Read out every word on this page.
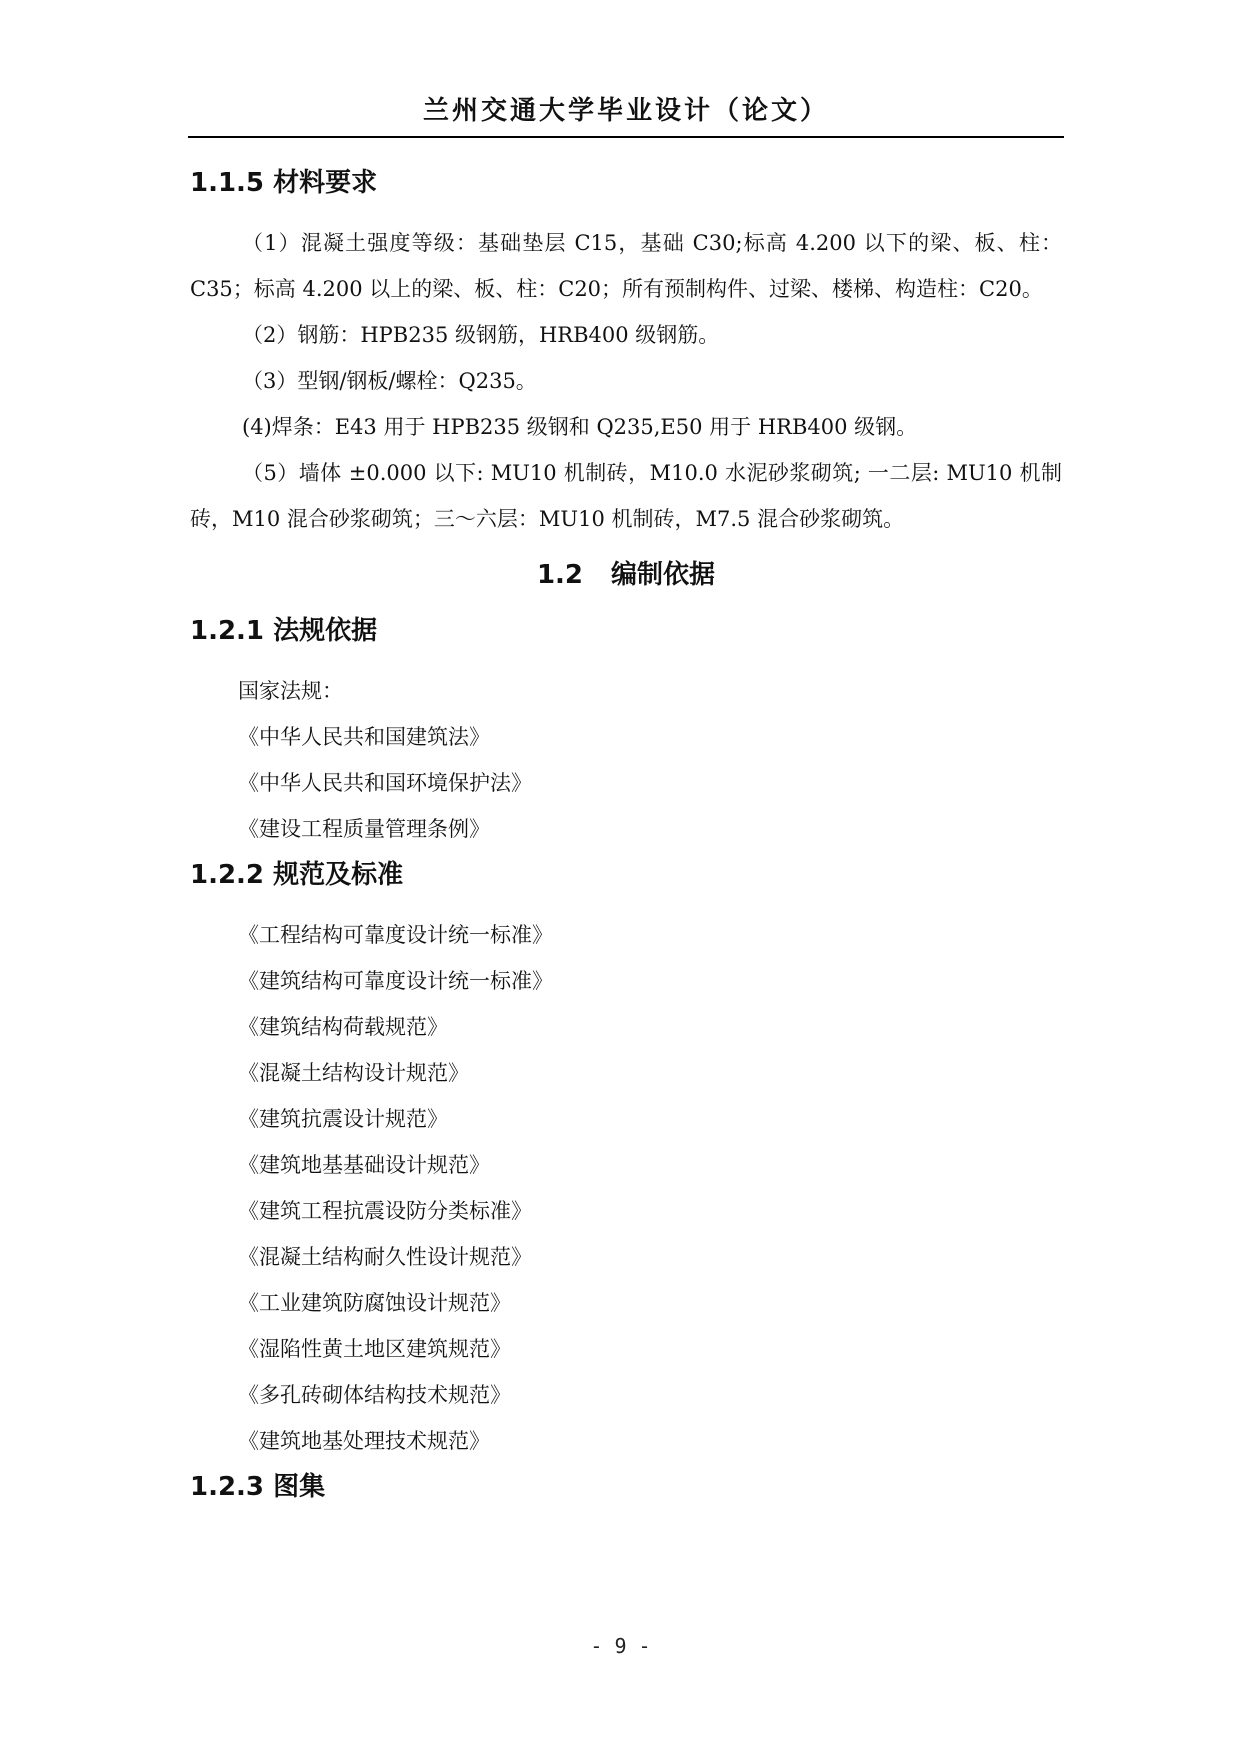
兰州交通大学毕业设计（论文）
1.1.5 材料要求

（1）混凝土强度等级：基础垫层 C15，基础 C30;标高 4.200 以下的梁、板、柱：C35；标高 4.200 以上的梁、板、柱：C20；所有预制构件、过梁、楼梯、构造柱：C20。

（2）钢筋：HPB235 级钢筋，HRB400 级钢筋。

（3）型钢/钢板/螺栓：Q235。

(4)焊条：E43 用于 HPB235 级钢和 Q235,E50 用于 HRB400 级钢。

（5）墙体 ±0.000 以下: MU10 机制砖，M10.0 水泥砂浆砌筑; 一二层: MU10 机制砖，M10 混合砂浆砌筑；三～六层：MU10 机制砖，M7.5 混合砂浆砌筑。

1.2 编制依据
1.2.1 法规依据

国家法规：

《中华人民共和国建筑法》

《中华人民共和国环境保护法》

《建设工程质量管理条例》

1.2.2 规范及标准

《工程结构可靠度设计统一标准》

《建筑结构可靠度设计统一标准》

《建筑结构荷载规范》

《混凝土结构设计规范》

《建筑抗震设计规范》

《建筑地基基础设计规范》

《建筑工程抗震设防分类标准》

《混凝土结构耐久性设计规范》

《工业建筑防腐蚀设计规范》

《湿陷性黄土地区建筑规范》

《多孔砖砌体结构技术规范》

《建筑地基处理技术规范》

1.2.3 图集
- 9 -
